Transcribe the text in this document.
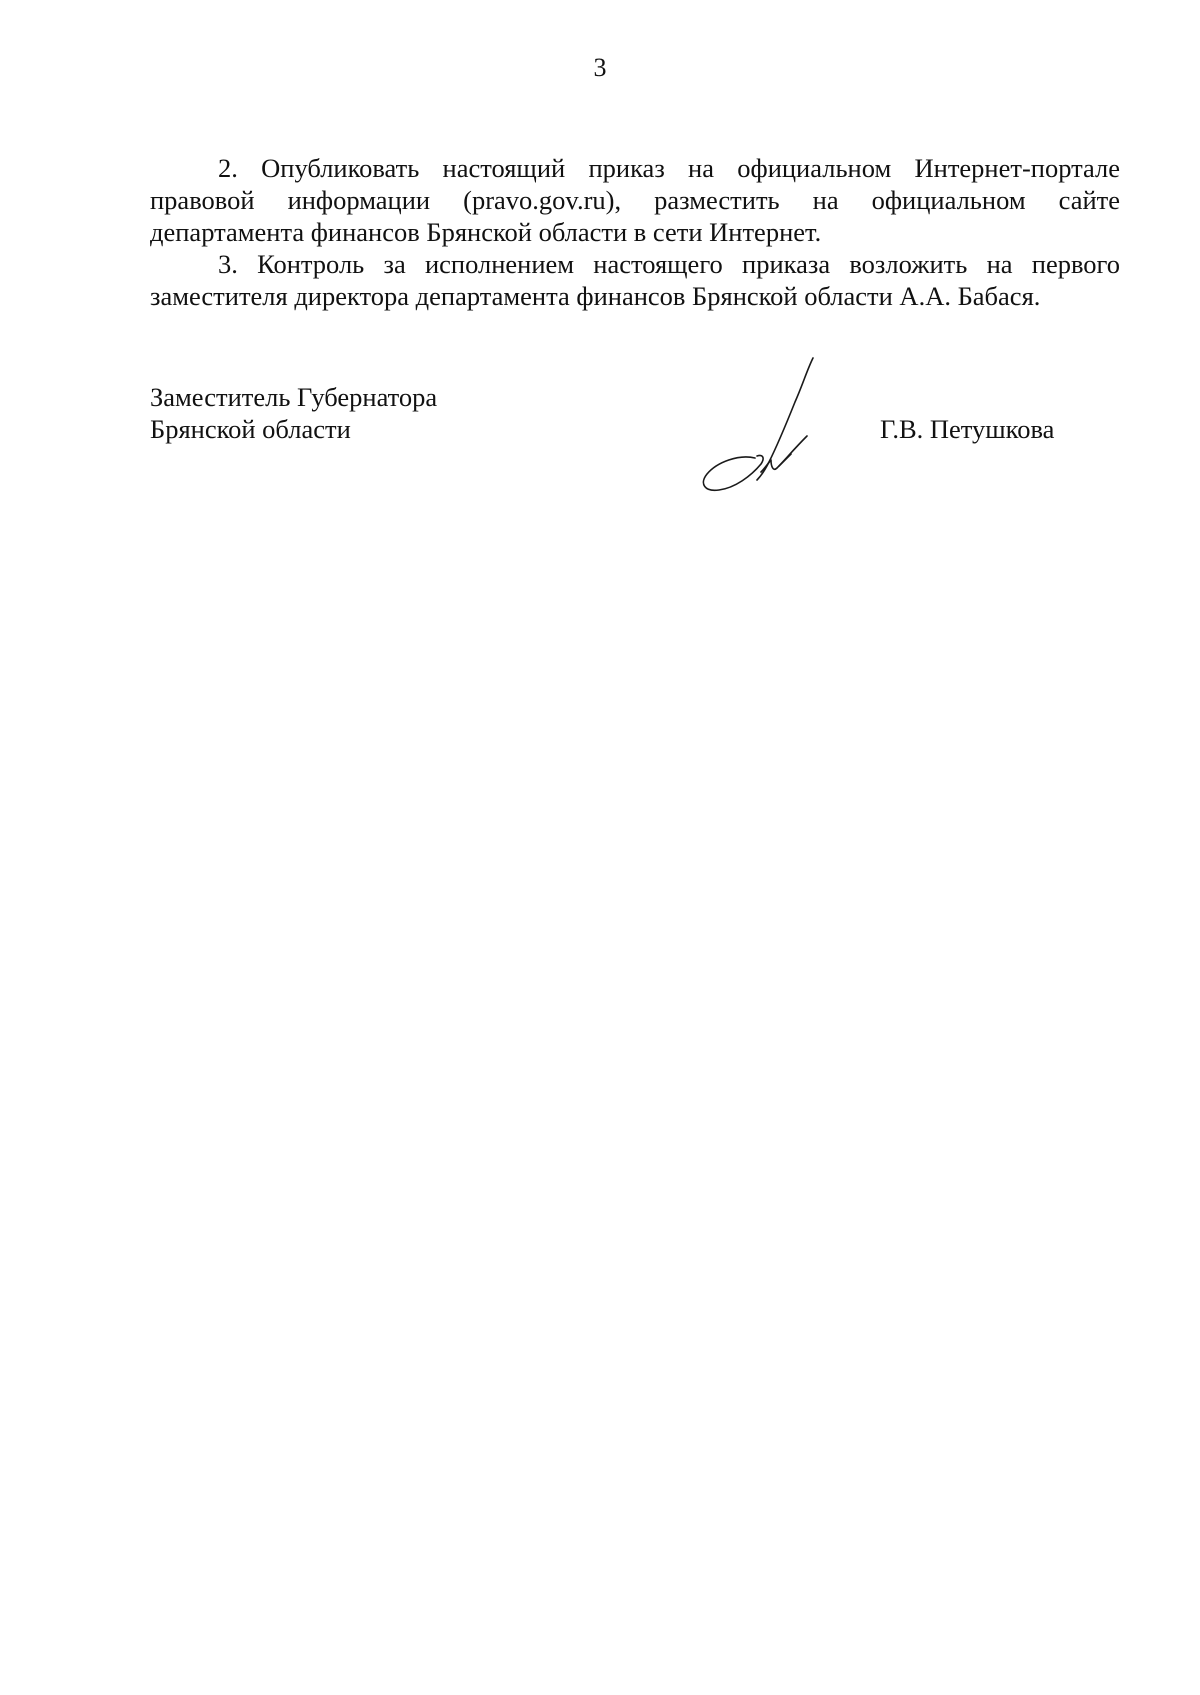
3

2. Опубликовать настоящий приказ на официальном Интернет-портале правовой информации (pravo.gov.ru), разместить на официальном сайте департамента финансов Брянской области в сети Интернет.

3. Контроль за исполнением настоящего приказа возложить на первого заместителя директора департамента финансов Брянской области А.А. Бабася.

Заместитель Губернатора
Брянской области	Г.В. Петушкова
